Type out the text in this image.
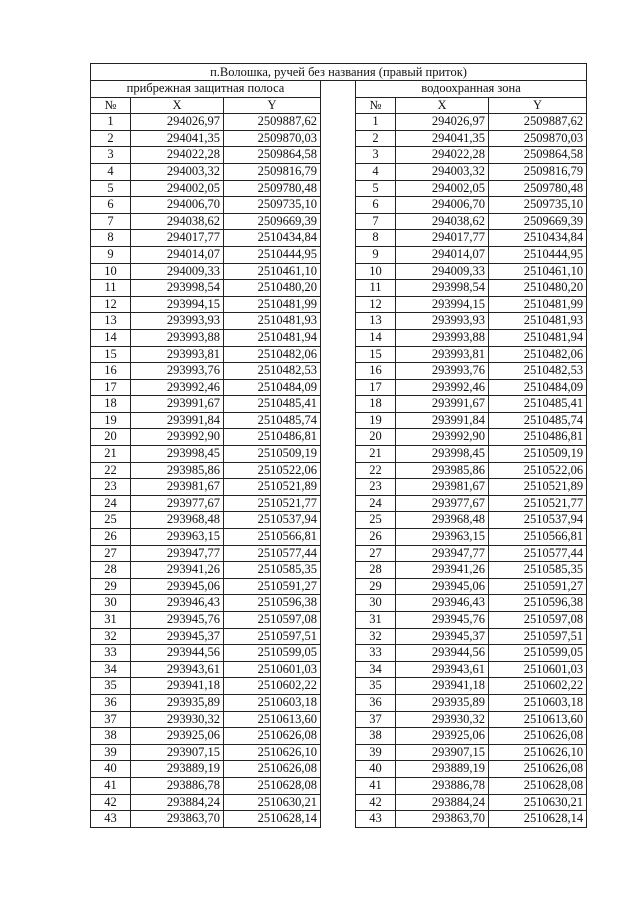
п.Волошка, ручей без названия (правый приток)						
прибрежная защитная полоса				водоохранная зона		
№	X	Y		№	X	Y
1	294026,97	2509887,62		1	294026,97	2509887,62
2	294041,35	2509870,03		2	294041,35	2509870,03
3	294022,28	2509864,58		3	294022,28	2509864,58
4	294003,32	2509816,79		4	294003,32	2509816,79
5	294002,05	2509780,48		5	294002,05	2509780,48
6	294006,70	2509735,10		6	294006,70	2509735,10
7	294038,62	2509669,39		7	294038,62	2509669,39
8	294017,77	2510434,84		8	294017,77	2510434,84
9	294014,07	2510444,95		9	294014,07	2510444,95
10	294009,33	2510461,10		10	294009,33	2510461,10
11	293998,54	2510480,20		11	293998,54	2510480,20
12	293994,15	2510481,99		12	293994,15	2510481,99
13	293993,93	2510481,93		13	293993,93	2510481,93
14	293993,88	2510481,94		14	293993,88	2510481,94
15	293993,81	2510482,06		15	293993,81	2510482,06
16	293993,76	2510482,53		16	293993,76	2510482,53
17	293992,46	2510484,09		17	293992,46	2510484,09
18	293991,67	2510485,41		18	293991,67	2510485,41
19	293991,84	2510485,74		19	293991,84	2510485,74
20	293992,90	2510486,81		20	293992,90	2510486,81
21	293998,45	2510509,19		21	293998,45	2510509,19
22	293985,86	2510522,06		22	293985,86	2510522,06
23	293981,67	2510521,89		23	293981,67	2510521,89
24	293977,67	2510521,77		24	293977,67	2510521,77
25	293968,48	2510537,94		25	293968,48	2510537,94
26	293963,15	2510566,81		26	293963,15	2510566,81
27	293947,77	2510577,44		27	293947,77	2510577,44
28	293941,26	2510585,35		28	293941,26	2510585,35
29	293945,06	2510591,27		29	293945,06	2510591,27
30	293946,43	2510596,38		30	293946,43	2510596,38
31	293945,76	2510597,08		31	293945,76	2510597,08
32	293945,37	2510597,51		32	293945,37	2510597,51
33	293944,56	2510599,05		33	293944,56	2510599,05
34	293943,61	2510601,03		34	293943,61	2510601,03
35	293941,18	2510602,22		35	293941,18	2510602,22
36	293935,89	2510603,18		36	293935,89	2510603,18
37	293930,32	2510613,60		37	293930,32	2510613,60
38	293925,06	2510626,08		38	293925,06	2510626,08
39	293907,15	2510626,10		39	293907,15	2510626,10
40	293889,19	2510626,08		40	293889,19	2510626,08
41	293886,78	2510628,08		41	293886,78	2510628,08
42	293884,24	2510630,21		42	293884,24	2510630,21
43	293863,70	2510628,14		43	293863,70	2510628,14
